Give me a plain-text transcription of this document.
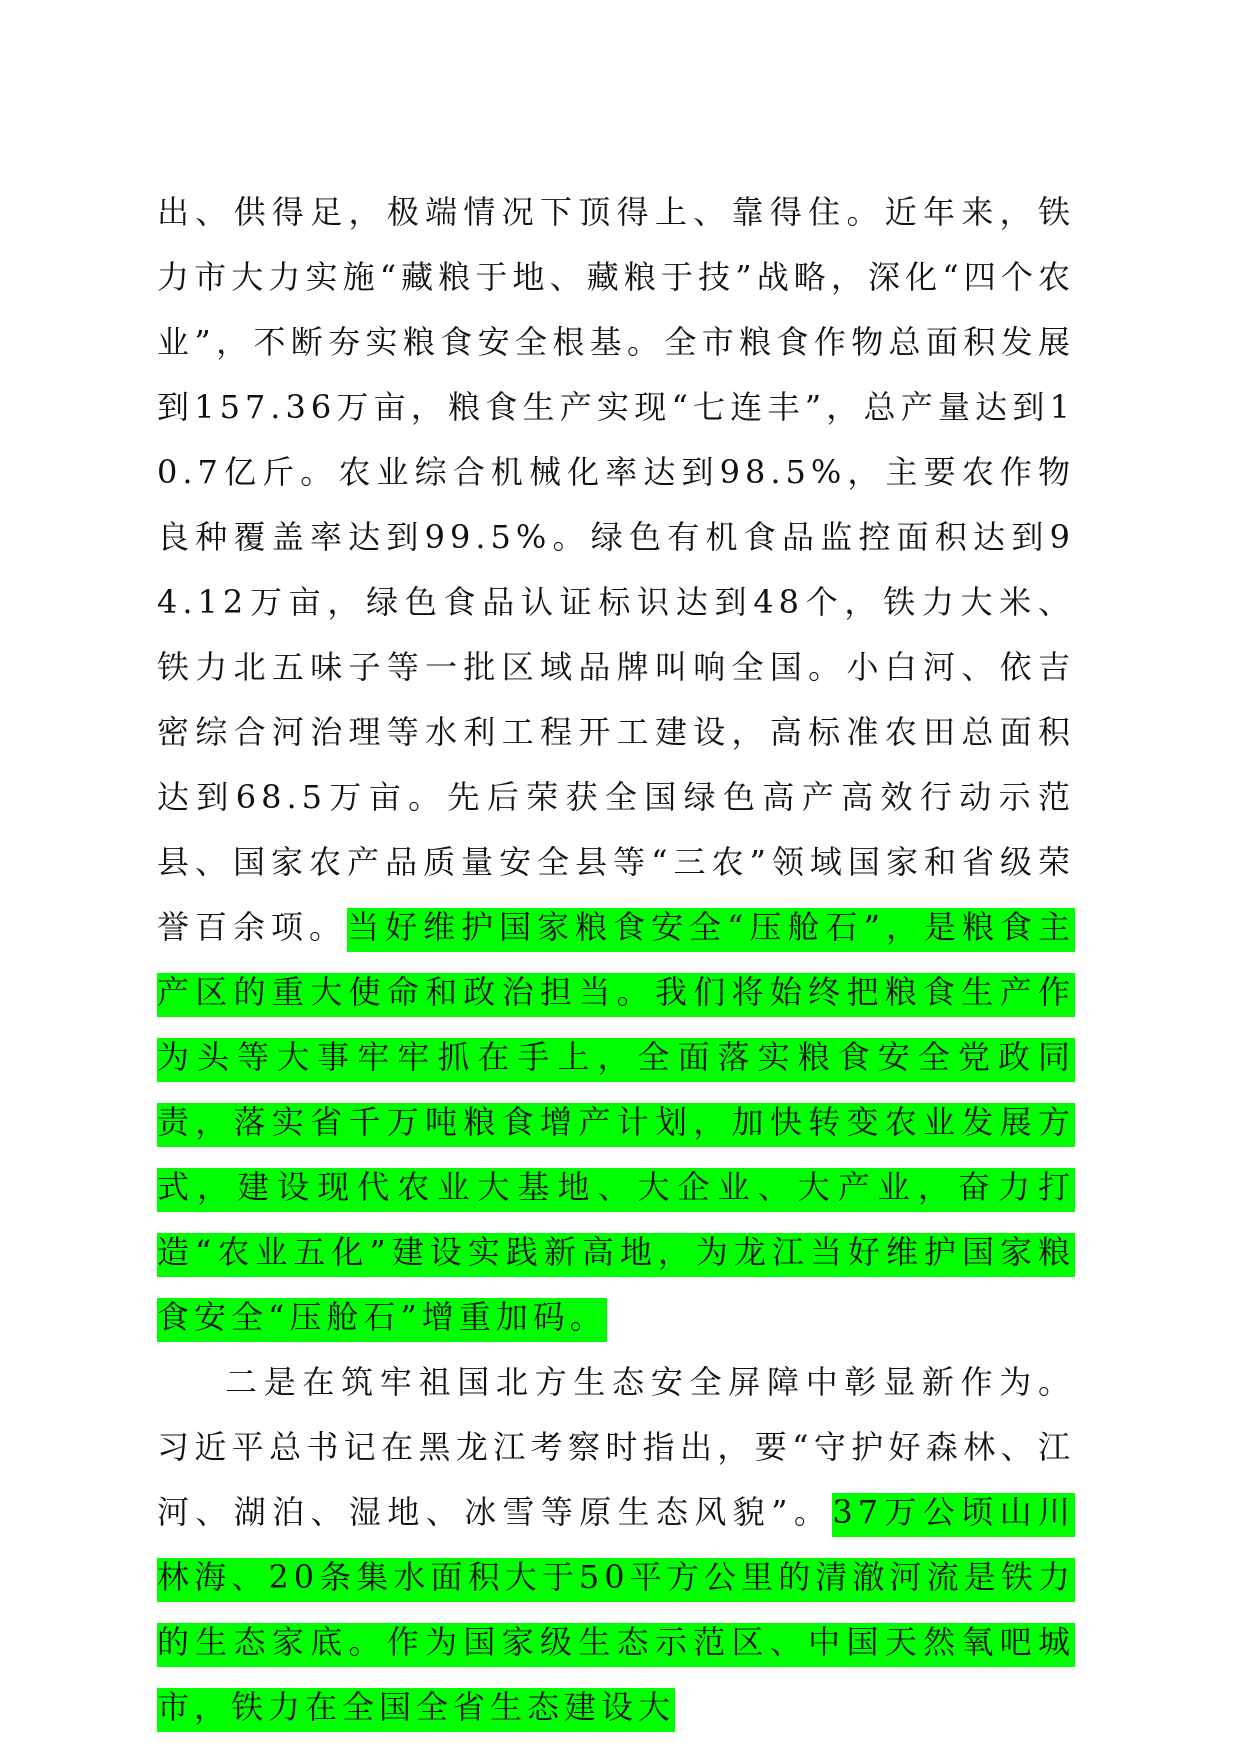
出、供得足，极端情况下顶得上、靠得住。近年来，铁力市大力实施“藏粮于地、藏粮于技”战略，深化“四个农业”，不断夯实粮食安全根基。全市粮食作物总面积发展到157.36万亩，粮食生产实现“七连丰”，总产量达到10.7亿斤。农业综合机械化率达到98.5%，主要农作物良种覆盖率达到99.5%。绿色有机食品监控面积达到94.12万亩，绿色食品认证标识达到48个，铁力大米、铁力北五味子等一批区域品牌叫响全国。小白河、依吉密综合河治理等水利工程开工建设，高标准农田总面积达到68.5万亩。先后荣获全国绿色高产高效行动示范县、国家农产品质量安全县等“三农”领域国家和省级荣誉百余项。当好维护国家粮食安全“压舱石”，是粮食主产区的重大使命和政治担当。我们将始终把粮食生产作为头等大事牢牢抓在手上，全面落实粮食安全党政同责，落实省千万吨粮食增产计划，加快转变农业发展方式，建设现代农业大基地、大企业、大产业，奋力打造“农业五化”建设实践新高地，为龙江当好维护国家粮食安全“压舱石”增重加码。

二是在筑牢祖国北方生态安全屏障中彰显新作为。习近平总书记在黑龙江考察时指出，要“守护好森林、江河、湖泊、湿地、冰雪等原生态风貌”。37万公顷山川林海、20条集水面积大于50平方公里的清澈河流是铁力的生态家底。作为国家级生态示范区、中国天然氧吧城市，铁力在全国全省生态建设大
